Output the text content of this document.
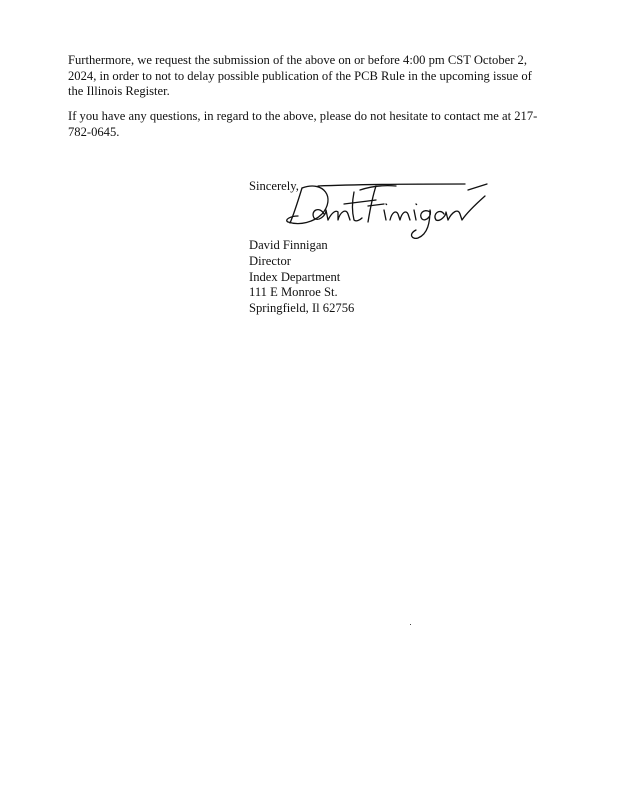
Furthermore, we request the submission of the above on or before 4:00 pm CST October 2, 2024, in order to not to delay possible publication of the PCB Rule in the upcoming issue of the Illinois Register.

If you have any questions, in regard to the above, please do not hesitate to contact me at 217-782-0645.

Sincerely,

David Finnigan
Director
Index Department
111 E Monroe St.
Springfield, Il 62756
